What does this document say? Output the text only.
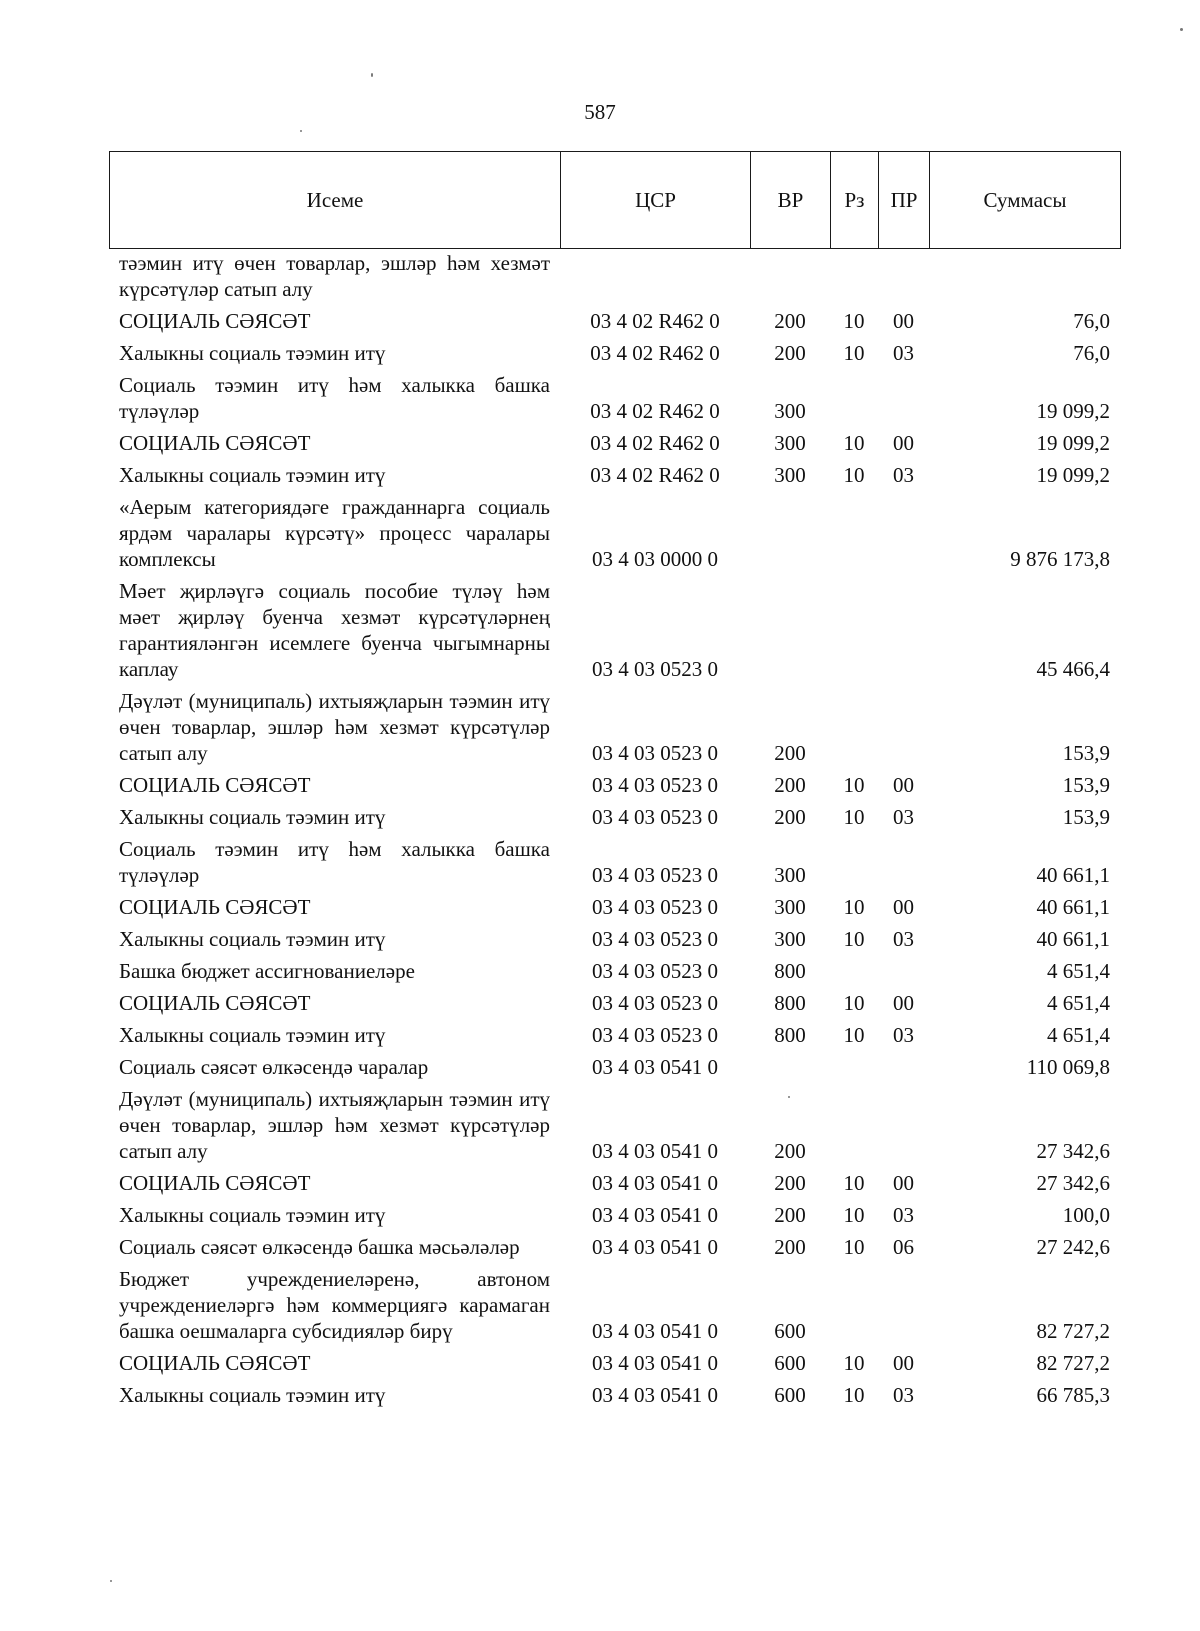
587
Исеме	ЦСР	ВР	Рз	ПР	Суммасы
тәэмин итү өчен товарлар, эшләр һәм хезмәт күрсәтүләр сатып алу					
СОЦИАЛЬ СӘЯСӘТ	03 4 02 R462 0	200	10	00	76,0
Халыкны социаль тәэмин итү	03 4 02 R462 0	200	10	03	76,0
Социаль тәэмин итү һәм халыкка башка түләүләр	03 4 02 R462 0	300			19 099,2
СОЦИАЛЬ СӘЯСӘТ	03 4 02 R462 0	300	10	00	19 099,2
Халыкны социаль тәэмин итү	03 4 02 R462 0	300	10	03	19 099,2
«Аерым категориядәге гражданнарга социаль ярдәм чаралары күрсәтү» процесс чаралары комплексы	03 4 03 0000 0				9 876 173,8
Мәет җирләүгә социаль пособие түләү һәм мәет җирләү буенча хезмәт күрсәтүләрнең гарантияләнгән исемлеге буенча чыгымнарны каплау	03 4 03 0523 0				45 466,4
Дәүләт (муниципаль) ихтыяҗларын тәэмин итү өчен товарлар, эшләр һәм хезмәт күрсәтүләр сатып алу	03 4 03 0523 0	200			153,9
СОЦИАЛЬ СӘЯСӘТ	03 4 03 0523 0	200	10	00	153,9
Халыкны социаль тәэмин итү	03 4 03 0523 0	200	10	03	153,9
Социаль тәэмин итү һәм халыкка башка түләүләр	03 4 03 0523 0	300			40 661,1
СОЦИАЛЬ СӘЯСӘТ	03 4 03 0523 0	300	10	00	40 661,1
Халыкны социаль тәэмин итү	03 4 03 0523 0	300	10	03	40 661,1
Башка бюджет ассигнованиеләре	03 4 03 0523 0	800			4 651,4
СОЦИАЛЬ СӘЯСӘТ	03 4 03 0523 0	800	10	00	4 651,4
Халыкны социаль тәэмин итү	03 4 03 0523 0	800	10	03	4 651,4
Социаль сәясәт өлкәсендә чаралар	03 4 03 0541 0				110 069,8
Дәүләт (муниципаль) ихтыяҗларын тәэмин итү өчен товарлар, эшләр һәм хезмәт күрсәтүләр сатып алу	03 4 03 0541 0	200			27 342,6
СОЦИАЛЬ СӘЯСӘТ	03 4 03 0541 0	200	10	00	27 342,6
Халыкны социаль тәэмин итү	03 4 03 0541 0	200	10	03	100,0
Социаль сәясәт өлкәсендә башка мәсьәләләр	03 4 03 0541 0	200	10	06	27 242,6
Бюджет учреждениеләренә, автоном учреждениеләргә һәм коммерциягә карамаган башка оешмаларга субсидияләр бирү	03 4 03 0541 0	600			82 727,2
СОЦИАЛЬ СӘЯСӘТ	03 4 03 0541 0	600	10	00	82 727,2
Халыкны социаль тәэмин итү	03 4 03 0541 0	600	10	03	66 785,3
